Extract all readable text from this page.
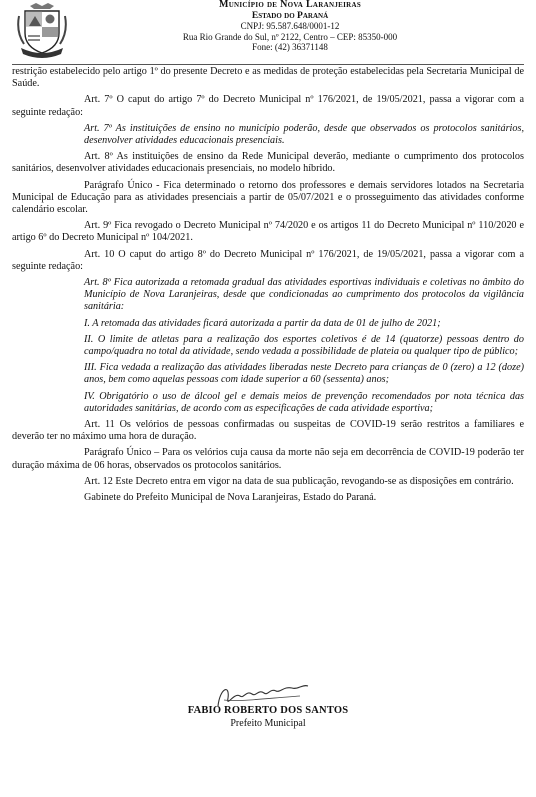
Município de Nova Laranjeiras
Estado do Paraná
CNPJ: 95.587.648/0001-12
Rua Rio Grande do Sul, nº 2122, Centro – CEP: 85350-000
Fone: (42) 36371148

restrição estabelecido pelo artigo 1º do presente Decreto e as medidas de proteção estabelecidas pela Secretaria Municipal de Saúde.

Art. 7º O caput do artigo 7º do Decreto Municipal nº 176/2021, de 19/05/2021, passa a vigorar com a seguinte redação:

Art. 7º As instituições de ensino no município poderão, desde que observados os protocolos sanitários, desenvolver atividades educacionais presenciais.

Art. 8º As instituições de ensino da Rede Municipal deverão, mediante o cumprimento dos protocolos sanitários, desenvolver atividades educacionais presenciais, no modelo híbrido.

Parágrafo Único - Fica determinado o retorno dos professores e demais servidores lotados na Secretaria Municipal de Educação para as atividades presenciais a partir de 05/07/2021 e o prosseguimento das atividades conforme calendário escolar.

Art. 9º Fica revogado o Decreto Municipal nº 74/2020 e os artigos 11 do Decreto Municipal nº 110/2020 e artigo 6º do Decreto Municipal nº 104/2021.

Art. 10 O caput do artigo 8º do Decreto Municipal nº 176/2021, de 19/05/2021, passa a vigorar com a seguinte redação:

Art. 8º Fica autorizada a retomada gradual das atividades esportivas individuais e coletivas no âmbito do Município de Nova Laranjeiras, desde que condicionadas ao cumprimento dos protocolos da vigilância sanitária:

I. A retomada das atividades ficará autorizada a partir da data de 01 de julho de 2021;

II. O limite de atletas para a realização dos esportes coletivos é de 14 (quatorze) pessoas dentro do campo/quadra no total da atividade, sendo vedada a possibilidade de plateia ou qualquer tipo de público;

III. Fica vedada a realização das atividades liberadas neste Decreto para crianças de 0 (zero) a 12 (doze) anos, bem como aquelas pessoas com idade superior a 60 (sessenta) anos;

IV. Obrigatório o uso de álcool gel e demais meios de prevenção recomendados por nota técnica das autoridades sanitárias, de acordo com as especificações de cada atividade esportiva;

Art. 11 Os velórios de pessoas confirmadas ou suspeitas de COVID-19 serão restritos a familiares e deverão ter no máximo uma hora de duração.

Parágrafo Único – Para os velórios cuja causa da morte não seja em decorrência de COVID-19 poderão ter duração máxima de 06 horas, observados os protocolos sanitários.

Art. 12 Este Decreto entra em vigor na data de sua publicação, revogando-se as disposições em contrário.

Gabinete do Prefeito Municipal de Nova Laranjeiras, Estado do Paraná.

FABIO ROBERTO DOS SANTOS
Prefeito Municipal
